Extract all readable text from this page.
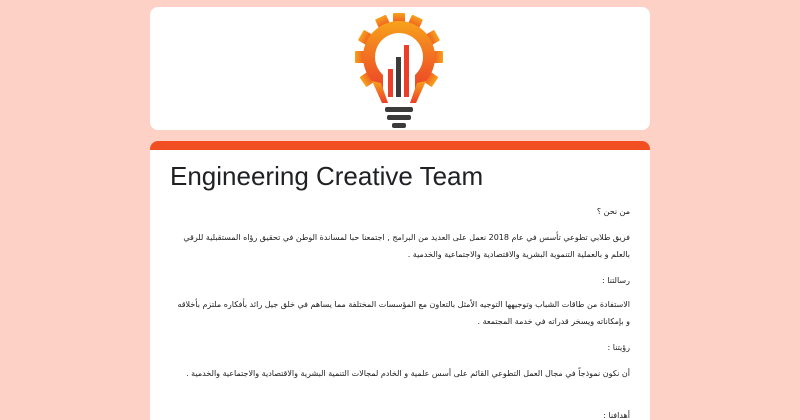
Engineering Creative Team

من نحن ؟

فريق طلابي تطوعي تأسس في عام 2018 نعمل على العديد من البرامج , اجتمعنا حبا لمساندة الوطن في تحقيق رؤاه المستقبلية للرقي بالعلم و بالعملية التنموية البشرية والاقتصادية والاجتماعية والخدمية .

رسالتنا :

الاستفادة من طاقات الشباب وتوجيهها التوجيه الأمثل بالتعاون مع المؤسسات المختلفة مما يساهم في خلق جيل رائد بأفكاره ملتزم بأخلاقه و بإمكاناته ويسخر قدراته في خدمة المجتمعة .

رؤيتنا :

أن نكون نموذجاً في مجال العمل التطوعي القائم على أسس علمية و الخادم لمجالات التنمية البشرية والاقتصادية والاجتماعية والخدمية .

أهدافنا :
